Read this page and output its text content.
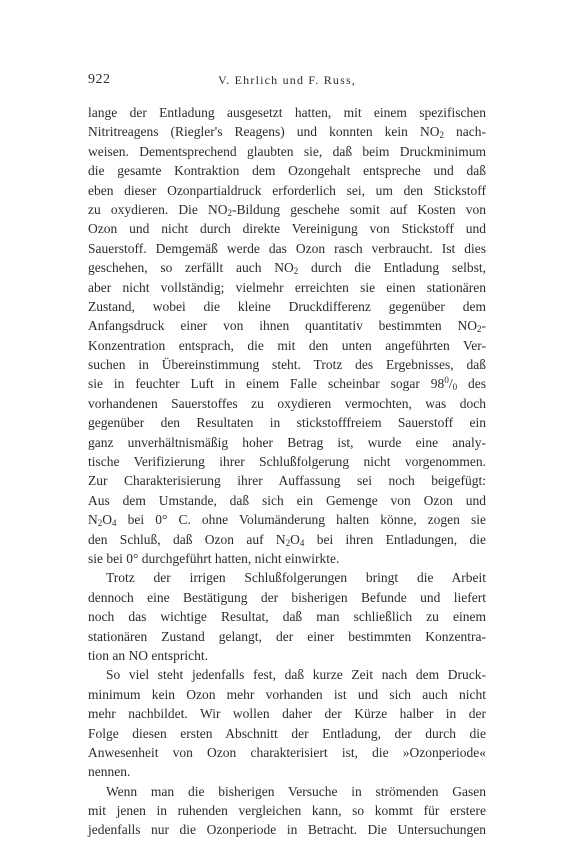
922	V. Ehrlich und F. Russ,
lange der Entladung ausgesetzt hatten, mit einem spezifischen
Nitritreagens (Riegler's Reagens) und konnten kein $NO_2$ nach-
weisen. Dementsprechend glaubten sie, daß beim Druckminimum
die gesamte Kontraktion dem Ozongehalt entspreche und daß
eben dieser Ozonpartialdruck erforderlich sei, um den Stickstoff
zu oxydieren. Die $NO_2$-Bildung geschehe somit auf Kosten von
Ozon und nicht durch direkte Vereinigung von Stickstoff und
Sauerstoff. Demgemäß werde das Ozon rasch verbraucht. Ist dies
geschehen, so zerfällt auch $NO_2$ durch die Entladung selbst,
aber nicht vollständig; vielmehr erreichten sie einen stationären
Zustand, wobei die kleine Druckdifferenz gegenüber dem
Anfangsdruck einer von ihnen quantitativ bestimmten $NO_2-$
Konzentration entsprach, die mit den unten angeführten Ver-
suchen in Übereinstimmung steht. Trotz des Ergebnisses, daß
sie in feuchter Luft in einem Falle scheinbar sogar $98^0/_0$ des
vorhandenen Sauerstoffes zu oxydieren vermochten, was doch
gegenüber den Resultaten in stickstofffreiem Sauerstoff ein
ganz unverhältnismäßig hoher Betrag ist, wurde eine analy-
tische Verifizierung ihrer Schlußfolgerung nicht vorgenommen.
Zur Charakterisierung ihrer Auffassung sei noch beigefügt:
Aus dem Umstande, daß sich ein Gemenge von Ozon und
$N_2O_4$ bei 0° C. ohne Volumänderung halten könne, zogen sie
den Schluß, daß Ozon auf $N_2O_4$ bei ihren Entladungen, die
sie bei 0° durchgeführt hatten, nicht einwirkte.
Trotz der irrigen Schlußfolgerungen bringt die Arbeit
dennoch eine Bestätigung der bisherigen Befunde und liefert
noch das wichtige Resultat, daß man schließlich zu einem
stationären Zustand gelangt, der einer bestimmten Konzentra-
tion an NO entspricht.
So viel steht jedenfalls fest, daß kurze Zeit nach dem Druck-
minimum kein Ozon mehr vorhanden ist und sich auch nicht
mehr nachbildet. Wir wollen daher der Kürze halber in der
Folge diesen ersten Abschnitt der Entladung, der durch die
Anwesenheit von Ozon charakterisiert ist, die »Ozonperiode«
nennen.
Wenn man die bisherigen Versuche in strömenden Gasen
mit jenen in ruhenden vergleichen kann, so kommt für erstere
jedenfalls nur die Ozonperiode in Betracht. Die Untersuchungen
